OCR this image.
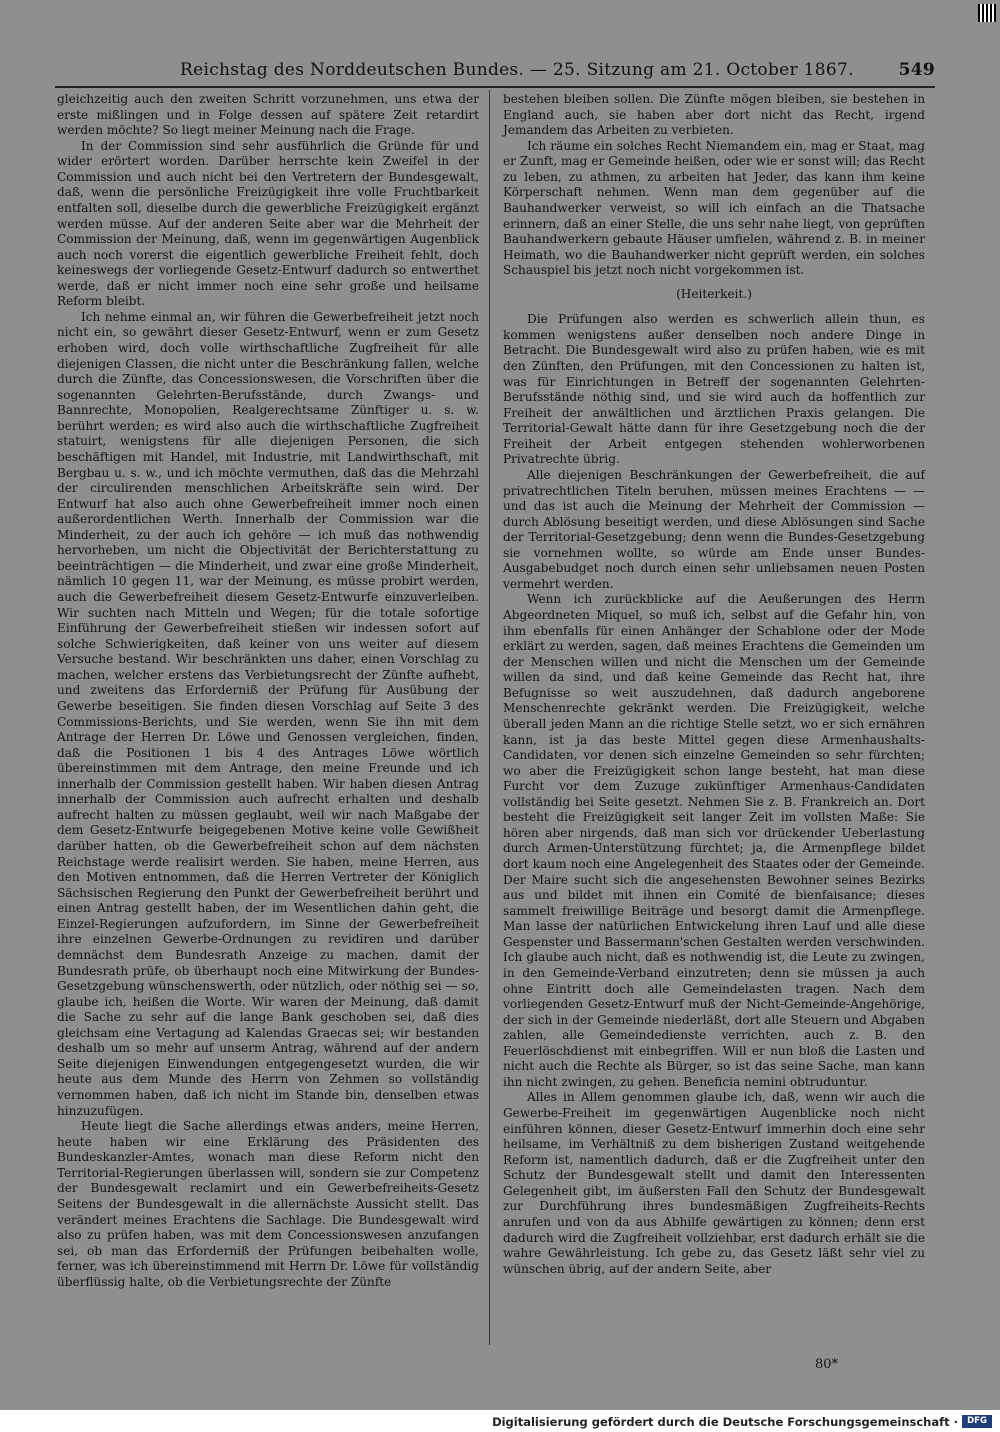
Reichstag des Norddeutschen Bundes. — 25. Sitzung am 21. October 1867.	549

gleichzeitig auch den zweiten Schritt vorzunehmen, uns etwa der erste mißlingen und in Folge dessen auf spätere Zeit retardirt werden möchte? So liegt meiner Meinung nach die Frage.

In der Commission sind sehr ausführlich die Gründe für und wider erörtert worden. Darüber herrschte kein Zweifel in der Commission und auch nicht bei den Vertretern der Bundesgewalt, daß, wenn die persönliche Freizügigkeit ihre volle Fruchtbarkeit entfalten soll, dieselbe durch die gewerbliche Freizügigkeit ergänzt werden müsse. Auf der anderen Seite aber war die Mehrheit der Commission der Meinung, daß, wenn im gegenwärtigen Augenblick auch noch vorerst die eigentlich gewerbliche Freiheit fehlt, doch keineswegs der vorliegende Gesetz-Entwurf dadurch so entwerthet werde, daß er nicht immer noch eine sehr große und heilsame Reform bleibt.

Ich nehme einmal an, wir führen die Gewerbefreiheit jetzt noch nicht ein, so gewährt dieser Gesetz-Entwurf, wenn er zum Gesetz erhoben wird, doch volle wirthschaftliche Zugfreiheit für alle diejenigen Classen, die nicht unter die Beschränkung fallen, welche durch die Zünfte, das Concessionswesen, die Vorschriften über die sogenannten Gelehrten-Berufsstände, durch Zwangs- und Bannrechte, Monopolien, Realgerechtsame Zünftiger u. s. w. berührt werden; es wird also auch die wirthschaftliche Zugfreiheit statuirt, wenigstens für alle diejenigen Personen, die sich beschäftigen mit Handel, mit Industrie, mit Landwirthschaft, mit Bergbau u. s. w., und ich möchte vermuthen, daß das die Mehrzahl der circulirenden menschlichen Arbeitskräfte sein wird. Der Entwurf hat also auch ohne Gewerbefreiheit immer noch einen außerordentlichen Werth. Innerhalb der Commission war die Minderheit, zu der auch ich gehöre — ich muß das nothwendig hervorheben, um nicht die Objectivität der Berichterstattung zu beeinträchtigen — die Minderheit, und zwar eine große Minderheit, nämlich 10 gegen 11, war der Meinung, es müsse probirt werden, auch die Gewerbefreiheit diesem Gesetz-Entwurfe einzuverleiben. Wir suchten nach Mitteln und Wegen; für die totale sofortige Einführung der Gewerbefreiheit stießen wir indessen sofort auf solche Schwierigkeiten, daß keiner von uns weiter auf diesem Versuche bestand. Wir beschränkten uns daher, einen Vorschlag zu machen, welcher erstens das Verbietungsrecht der Zünfte aufhebt, und zweitens das Erforderniß der Prüfung für Ausübung der Gewerbe beseitigen. Sie finden diesen Vorschlag auf Seite 3 des Commissions-Berichts, und Sie werden, wenn Sie ihn mit dem Antrage der Herren Dr. Löwe und Genossen vergleichen, finden, daß die Positionen 1 bis 4 des Antrages Löwe wörtlich übereinstimmen mit dem Antrage, den meine Freunde und ich innerhalb der Commission gestellt haben. Wir haben diesen Antrag innerhalb der Commission auch aufrecht erhalten und deshalb aufrecht halten zu müssen geglaubt, weil wir nach Maßgabe der dem Gesetz-Entwurfe beigegebenen Motive keine volle Gewißheit darüber hatten, ob die Gewerbefreiheit schon auf dem nächsten Reichstage werde realisirt werden. Sie haben, meine Herren, aus den Motiven entnommen, daß die Herren Vertreter der Königlich Sächsischen Regierung den Punkt der Gewerbefreiheit berührt und einen Antrag gestellt haben, der im Wesentlichen dahin geht, die Einzel-Regierungen aufzufordern, im Sinne der Gewerbefreiheit ihre einzelnen Gewerbe-Ordnungen zu revidiren und darüber demnächst dem Bundesrath Anzeige zu machen, damit der Bundesrath prüfe, ob überhaupt noch eine Mitwirkung der Bundes-Gesetzgebung wünschenswerth, oder nützlich, oder nöthig sei — so, glaube ich, heißen die Worte. Wir waren der Meinung, daß damit die Sache zu sehr auf die lange Bank geschoben sei, daß dies gleichsam eine Vertagung ad Kalendas Graecas sei; wir bestanden deshalb um so mehr auf unserm Antrag, während auf der andern Seite diejenigen Einwendungen entgegengesetzt wurden, die wir heute aus dem Munde des Herrn von Zehmen so vollständig vernommen haben, daß ich nicht im Stande bin, denselben etwas hinzuzufügen.

Heute liegt die Sache allerdings etwas anders, meine Herren, heute haben wir eine Erklärung des Präsidenten des Bundeskanzler-Amtes, wonach man diese Reform nicht den Territorial-Regierungen überlassen will, sondern sie zur Competenz der Bundesgewalt reclamirt und ein Gewerbefreiheits-Gesetz Seitens der Bundesgewalt in die allernächste Aussicht stellt. Das verändert meines Erachtens die Sachlage. Die Bundesgewalt wird also zu prüfen haben, was mit dem Concessionswesen anzufangen sei, ob man das Erforderniß der Prüfungen beibehalten wolle, ferner, was ich übereinstimmend mit Herrn Dr. Löwe für vollständig überflüssig halte, ob die Verbietungsrechte der Zünfte

bestehen bleiben sollen. Die Zünfte mögen bleiben, sie bestehen in England auch, sie haben aber dort nicht das Recht, irgend Jemandem das Arbeiten zu verbieten.

Ich räume ein solches Recht Niemandem ein, mag er Staat, mag er Zunft, mag er Gemeinde heißen, oder wie er sonst will; das Recht zu leben, zu athmen, zu arbeiten hat Jeder, das kann ihm keine Körperschaft nehmen. Wenn man dem gegenüber auf die Bauhandwerker verweist, so will ich einfach an die Thatsache erinnern, daß an einer Stelle, die uns sehr nahe liegt, von geprüften Bauhandwerkern gebaute Häuser umfielen, während z. B. in meiner Heimath, wo die Bauhandwerker nicht geprüft werden, ein solches Schauspiel bis jetzt noch nicht vorgekommen ist.

(Heiterkeit.)

Die Prüfungen also werden es schwerlich allein thun, es kommen wenigstens außer denselben noch andere Dinge in Betracht. Die Bundesgewalt wird also zu prüfen haben, wie es mit den Zünften, den Prüfungen, mit den Concessionen zu halten ist, was für Einrichtungen in Betreff der sogenannten Gelehrten-Berufsstände nöthig sind, und sie wird auch da hoffentlich zur Freiheit der anwältlichen und ärztlichen Praxis gelangen. Die Territorial-Gewalt hätte dann für ihre Gesetzgebung noch die der Freiheit der Arbeit entgegen stehenden wohlerworbenen Privatrechte übrig.

Alle diejenigen Beschränkungen der Gewerbefreiheit, die auf privatrechtlichen Titeln beruhen, müssen meines Erachtens — — und das ist auch die Meinung der Mehrheit der Commission — durch Ablösung beseitigt werden, und diese Ablösungen sind Sache der Territorial-Gesetzgebung; denn wenn die Bundes-Gesetzgebung sie vornehmen wollte, so würde am Ende unser Bundes-Ausgabebudget noch durch einen sehr unliebsamen neuen Posten vermehrt werden.

Wenn ich zurückblicke auf die Aeußerungen des Herrn Abgeordneten Miquel, so muß ich, selbst auf die Gefahr hin, von ihm ebenfalls für einen Anhänger der Schablone oder der Mode erklärt zu werden, sagen, daß meines Erachtens die Gemeinden um der Menschen willen und nicht die Menschen um der Gemeinde willen da sind, und daß keine Gemeinde das Recht hat, ihre Befugnisse so weit auszudehnen, daß dadurch angeborene Menschenrechte gekränkt werden. Die Freizügigkeit, welche überall jeden Mann an die richtige Stelle setzt, wo er sich ernähren kann, ist ja das beste Mittel gegen diese Armenhaushalts-Candidaten, vor denen sich einzelne Gemeinden so sehr fürchten; wo aber die Freizügigkeit schon lange besteht, hat man diese Furcht vor dem Zuzuge zukünftiger Armenhaus-Candidaten vollständig bei Seite gesetzt. Nehmen Sie z. B. Frankreich an. Dort besteht die Freizügigkeit seit langer Zeit im vollsten Maße: Sie hören aber nirgends, daß man sich vor drückender Ueberlastung durch Armen-Unterstützung fürchtet; ja, die Armenpflege bildet dort kaum noch eine Angelegenheit des Staates oder der Gemeinde. Der Maire sucht sich die angesehensten Bewohner seines Bezirks aus und bildet mit ihnen ein Comité de bienfaisance; dieses sammelt freiwillige Beiträge und besorgt damit die Armenpflege. Man lasse der natürlichen Entwickelung ihren Lauf und alle diese Gespenster und Bassermann'schen Gestalten werden verschwinden. Ich glaube auch nicht, daß es nothwendig ist, die Leute zu zwingen, in den Gemeinde-Verband einzutreten; denn sie müssen ja auch ohne Eintritt doch alle Gemeindelasten tragen. Nach dem vorliegenden Gesetz-Entwurf muß der Nicht-Gemeinde-Angehörige, der sich in der Gemeinde niederläßt, dort alle Steuern und Abgaben zahlen, alle Gemeindedienste verrichten, auch z. B. den Feuerlöschdienst mit einbegriffen. Will er nun bloß die Lasten und nicht auch die Rechte als Bürger, so ist das seine Sache, man kann ihn nicht zwingen, zu gehen. Beneficia nemini obtruduntur.

Alles in Allem genommen glaube ich, daß, wenn wir auch die Gewerbe-Freiheit im gegenwärtigen Augenblicke noch nicht einführen können, dieser Gesetz-Entwurf immerhin doch eine sehr heilsame, im Verhältniß zu dem bisherigen Zustand weitgehende Reform ist, namentlich dadurch, daß er die Zugfreiheit unter den Schutz der Bundesgewalt stellt und damit den Interessenten Gelegenheit gibt, im äußersten Fall den Schutz der Bundesgewalt zur Durchführung ihres bundesmäßigen Zugfreiheits-Rechts anrufen und von da aus Abhilfe gewärtigen zu können; denn erst dadurch wird die Zugfreiheit vollziehbar, erst dadurch erhält sie die wahre Gewährleistung. Ich gebe zu, das Gesetz läßt sehr viel zu wünschen übrig, auf der andern Seite, aber

80*
Digitalisierung gefördert durch die Deutsche Forschungsgemeinschaft ·	DFG
